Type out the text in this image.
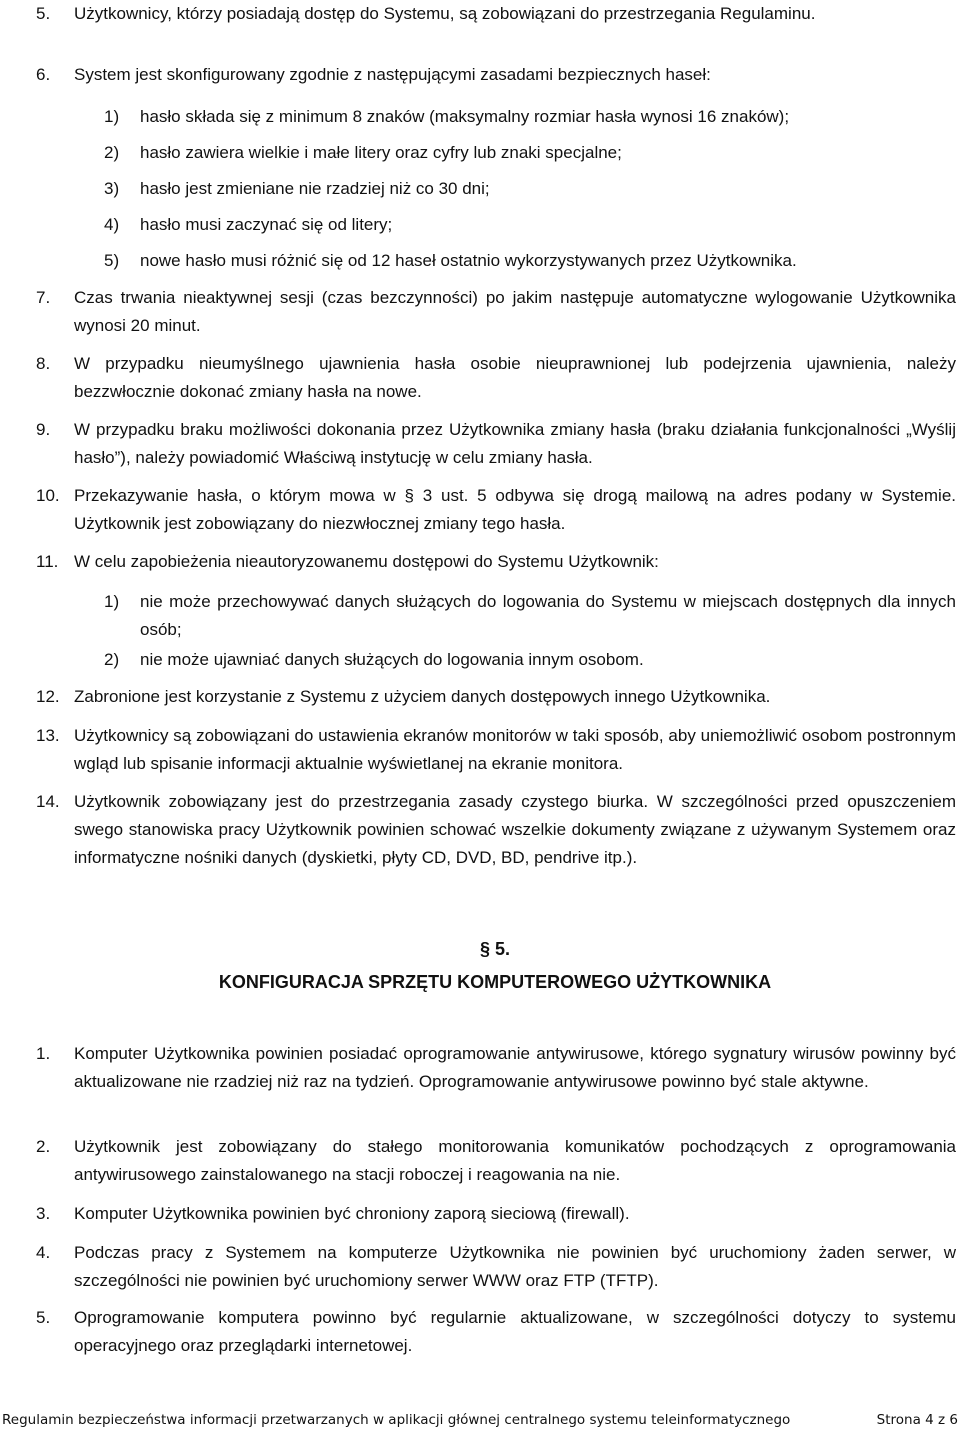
5. Użytkownicy, którzy posiadają dostęp do Systemu, są zobowiązani do przestrzegania Regulaminu.
6. System jest skonfigurowany zgodnie z następującymi zasadami bezpiecznych haseł:
1) hasło składa się z minimum 8 znaków (maksymalny rozmiar hasła wynosi 16 znaków);
2) hasło zawiera wielkie i małe litery oraz cyfry lub znaki specjalne;
3) hasło jest zmieniane nie rzadziej niż co 30 dni;
4) hasło musi zaczynać się od litery;
5) nowe hasło musi różnić się od 12 haseł ostatnio wykorzystywanych przez Użytkownika.
7. Czas trwania nieaktywnej sesji (czas bezczynności) po jakim następuje automatyczne wylogowanie Użytkownika wynosi 20 minut.
8. W przypadku nieumyślnego ujawnienia hasła osobie nieuprawnionej lub podejrzenia ujawnienia, należy bezzwłocznie dokonać zmiany hasła na nowe.
9. W przypadku braku możliwości dokonania przez Użytkownika zmiany hasła (braku działania funkcjonalności „Wyślij hasło”), należy powiadomić Właściwą instytucję w celu zmiany hasła.
10. Przekazywanie hasła, o którym mowa w § 3 ust. 5 odbywa się drogą mailową na adres podany w Systemie. Użytkownik jest zobowiązany do niezwłocznej zmiany tego hasła.
11. W celu zapobieżenia nieautoryzowanemu dostępowi do Systemu Użytkownik:
1) nie może przechowywać danych służących do logowania do Systemu w miejscach dostępnych dla innych osób;
2) nie może ujawniać danych służących do logowania innym osobom.
12. Zabronione jest korzystanie z Systemu z użyciem danych dostępowych innego Użytkownika.
13. Użytkownicy są zobowiązani do ustawienia ekranów monitorów w taki sposób, aby uniemożliwić osobom postronnym wgląd lub spisanie informacji aktualnie wyświetlanej na ekranie monitora.
14. Użytkownik zobowiązany jest do przestrzegania zasady czystego biurka. W szczególności przed opuszczeniem swego stanowiska pracy Użytkownik powinien schować wszelkie dokumenty związane z używanym Systemem oraz informatyczne nośniki danych (dyskietki, płyty CD, DVD, BD, pendrive itp.).
§ 5.
KONFIGURACJA SPRZĘTU KOMPUTEROWEGO UŻYTKOWNIKA
1. Komputer Użytkownika powinien posiadać oprogramowanie antywirusowe, którego sygnatury wirusów powinny być aktualizowane nie rzadziej niż raz na tydzień. Oprogramowanie antywirusowe powinno być stale aktywne.
2. Użytkownik jest zobowiązany do stałego monitorowania komunikatów pochodzących z oprogramowania antywirusowego zainstalowanego na stacji roboczej i reagowania na nie.
3. Komputer Użytkownika powinien być chroniony zaporą sieciową (firewall).
4. Podczas pracy z Systemem na komputerze Użytkownika nie powinien być uruchomiony żaden serwer, w szczególności nie powinien być uruchomiony serwer WWW oraz FTP (TFTP).
5. Oprogramowanie komputera powinno być regularnie aktualizowane, w szczególności dotyczy to systemu operacyjnego oraz przeglądarki internetowej.
Regulamin bezpieczeństwa informacji przetwarzanych w aplikacji głównej centralnego systemu teleinformatycznego	Strona 4 z 6
